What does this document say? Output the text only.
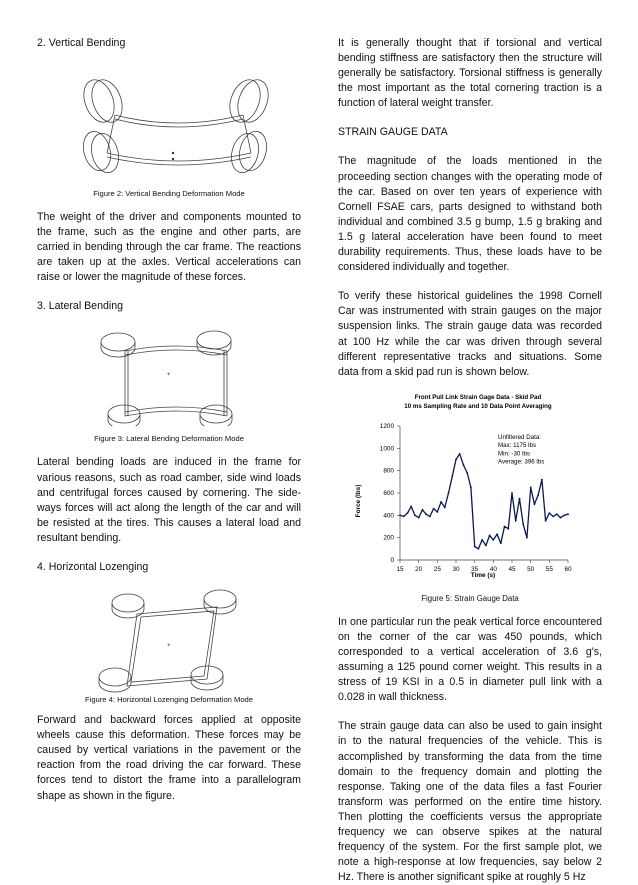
2. Vertical Bending

Figure 2: Vertical Bending Deformation Mode

The weight of the driver and components mounted to the frame, such as the engine and other parts, are carried in bending through the car frame. The reactions are taken up at the axles. Vertical accelerations can raise or lower the magnitude of these forces.

3. Lateral Bending

+

Figure 3: Lateral Bending Deformation Mode

Lateral bending loads are induced in the frame for various reasons, such as road camber, side wind loads and centrifugal forces caused by cornering. The side-ways forces will act along the length of the car and will be resisted at the tires. This causes a lateral load and resultant bending.

4. Horizontal Lozenging

+

Figure 4: Horizontal Lozenging Deformation Mode

Forward and backward forces applied at opposite wheels cause this deformation. These forces may be caused by vertical variations in the pavement or the reaction from the road driving the car forward. These forces tend to distort the frame into a parallelogram shape as shown in the figure.

It is generally thought that if torsional and vertical bending stiffness are satisfactory then the structure will generally be satisfactory. Torsional stiffness is generally the most important as the total cornering traction is a function of lateral weight transfer.

STRAIN GAUGE DATA

The magnitude of the loads mentioned in the proceeding section changes with the operating mode of the car. Based on over ten years of experience with Cornell FSAE cars, parts designed to withstand both individual and combined 3.5 g bump, 1.5 g braking and 1.5 g lateral acceleration have been found to meet durability requirements. Thus, these loads have to be considered individually and together.

To verify these historical guidelines the 1998 Cornell Car was instrumented with strain gauges on the major suspension links. The strain gauge data was recorded at 100 Hz while the car was driven through several different representative tracks and situations. Some data from a skid pad run is shown below.

Front Pull Link Strain Gage Data - Skid Pad
10 ms Sampling Rate and 10 Data Point Averaging
Force (lbs)
Time (s)
0
200
400
600
800
1000
1200
15 20 25 30 35 40 45 50 55 60
Unfiltered Data:
Max: 1175 lbs
Min: -30 lbs
Average: 396 lbs

Figure 5: Strain Gauge Data

In one particular run the peak vertical force encountered on the corner of the car was 450 pounds, which corresponded to a vertical acceleration of 3.6 g's, assuming a 125 pound corner weight. This results in a stress of 19 KSI in a 0.5 in diameter pull link with a 0.028 in wall thickness.

The strain gauge data can also be used to gain insight in to the natural frequencies of the vehicle. This is accomplished by transforming the data from the time domain to the frequency domain and plotting the response. Taking one of the data files a fast Fourier transform was performed on the entire time history. Then plotting the coefficients versus the appropriate frequency we can observe spikes at the natural frequency of the system. For the first sample plot, we note a high-response at low frequencies, say below 2 Hz. There is another significant spike at roughly 5 Hz
